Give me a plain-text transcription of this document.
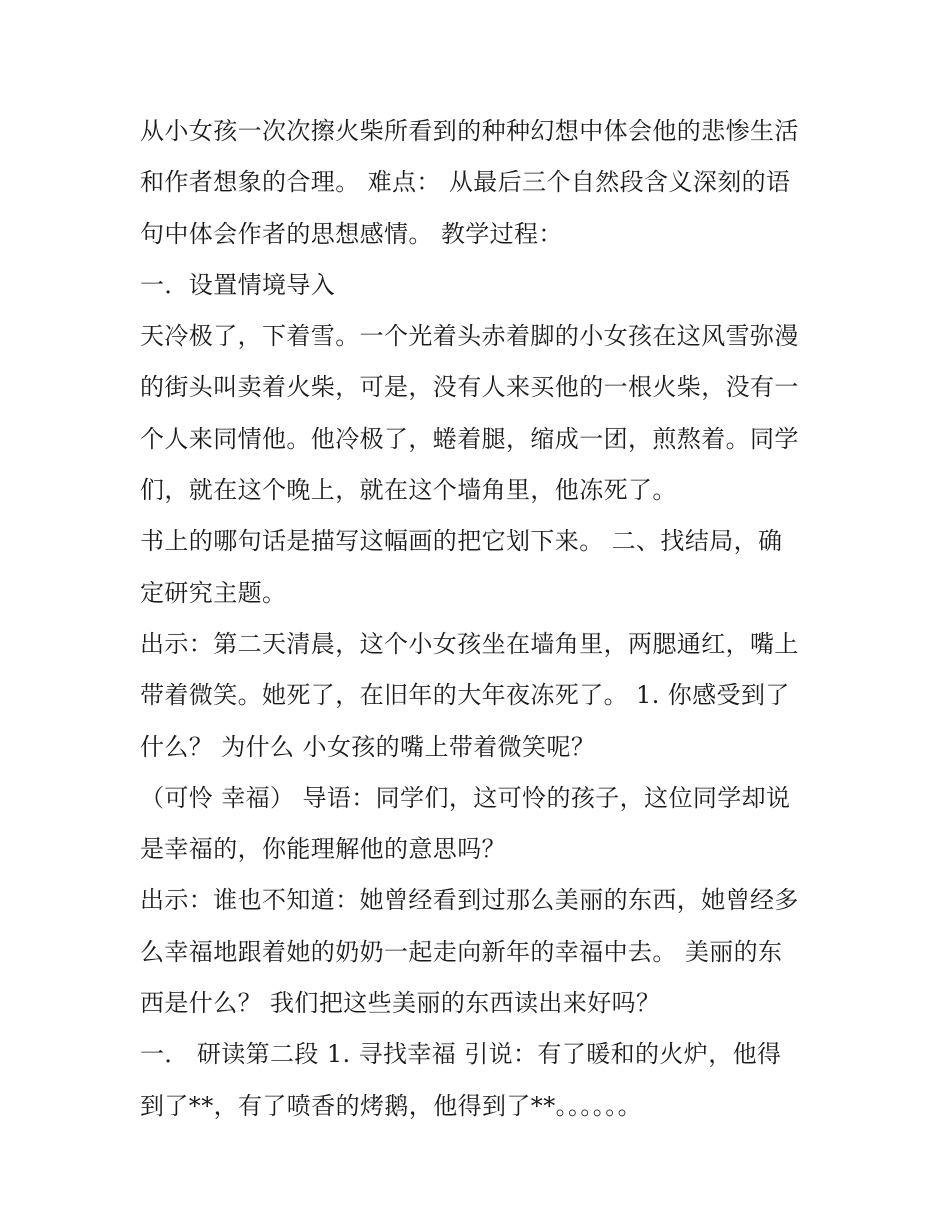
从小女孩一次次擦火柴所看到的种种幻想中体会他的悲惨生活
和作者想象的合理。 难点： 从最后三个自然段含义深刻的语
句中体会作者的思想感情。 教学过程：

一．设置情境导入

天冷极了，下着雪。一个光着头赤着脚的小女孩在这风雪弥漫
的街头叫卖着火柴，可是，没有人来买他的一根火柴，没有一
个人来同情他。他冷极了，蜷着腿，缩成一团，煎熬着。同学
们，就在这个晚上，就在这个墙角里，他冻死了。

书上的哪句话是描写这幅画的把它划下来。 二、找结局，确
定研究主题。

出示：第二天清晨，这个小女孩坐在墙角里，两腮通红，嘴上
带着微笑。她死了，在旧年的大年夜冻死了。 1. 你感受到了
什么？ 为什么 小女孩的嘴上带着微笑呢？

（可怜 幸福） 导语：同学们，这可怜的孩子，这位同学却说
是幸福的，你能理解他的意思吗？

出示：谁也不知道：她曾经看到过那么美丽的东西，她曾经多
么幸福地跟着她的奶奶一起走向新年的幸福中去。 美丽的东
西是什么？ 我们把这些美丽的东西读出来好吗？

一． 研读第二段 1. 寻找幸福 引说：有了暖和的火炉，他得
到了**，有了喷香的烤鹅，他得到了**。。。。。。
